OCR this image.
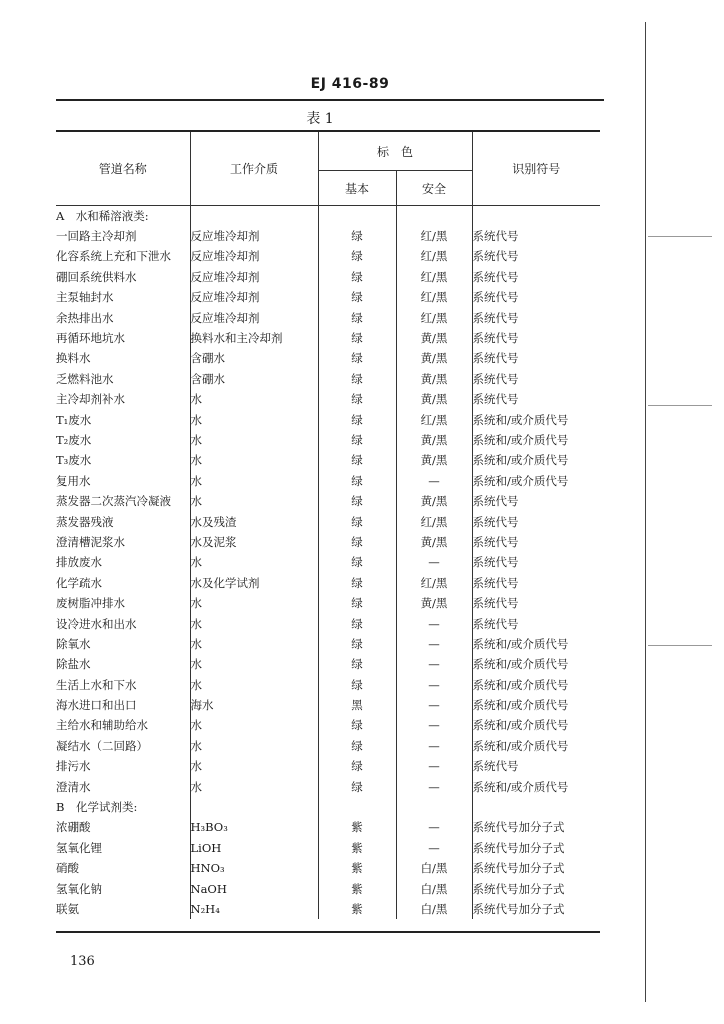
EJ 416-89
表 1
管道名称	工作介质	标　色		识别符号
		基本	安全	
A　水和稀溶液类:				
一回路主冷却剂	反应堆冷却剂	绿	红/黑	系统代号
化容系统上充和下泄水	反应堆冷却剂	绿	红/黑	系统代号
硼回系统供料水	反应堆冷却剂	绿	红/黑	系统代号
主泵轴封水	反应堆冷却剂	绿	红/黑	系统代号
余热排出水	反应堆冷却剂	绿	红/黑	系统代号
再循环地坑水	换料水和主冷却剂	绿	黄/黑	系统代号
换料水	含硼水	绿	黄/黑	系统代号
乏燃料池水	含硼水	绿	黄/黑	系统代号
主冷却剂补水	水	绿	黄/黑	系统代号
T₁废水	水	绿	红/黑	系统和/或介质代号
T₂废水	水	绿	黄/黑	系统和/或介质代号
T₃废水	水	绿	黄/黑	系统和/或介质代号
复用水	水	绿	—	系统和/或介质代号
蒸发器二次蒸汽冷凝液	水	绿	黄/黑	系统代号
蒸发器残液	水及残渣	绿	红/黑	系统代号
澄清槽泥浆水	水及泥浆	绿	黄/黑	系统代号
排放废水	水	绿	—	系统代号
化学疏水	水及化学试剂	绿	红/黑	系统代号
废树脂冲排水	水	绿	黄/黑	系统代号
设冷进水和出水	水	绿	—	系统代号
除氧水	水	绿	—	系统和/或介质代号
除盐水	水	绿	—	系统和/或介质代号
生活上水和下水	水	绿	—	系统和/或介质代号
海水进口和出口	海水	黑	—	系统和/或介质代号
主给水和辅助给水	水	绿	—	系统和/或介质代号
凝结水（二回路）	水	绿	—	系统和/或介质代号
排污水	水	绿	—	系统代号
澄清水	水	绿	—	系统和/或介质代号
B　化学试剂类:				
浓硼酸	H₃BO₃	紫	—	系统代号加分子式
氢氧化锂	LiOH	紫	—	系统代号加分子式
硝酸	HNO₃	紫	白/黑	系统代号加分子式
氢氧化钠	NaOH	紫	白/黑	系统代号加分子式
联氨	N₂H₄	紫	白/黑	系统代号加分子式
136
